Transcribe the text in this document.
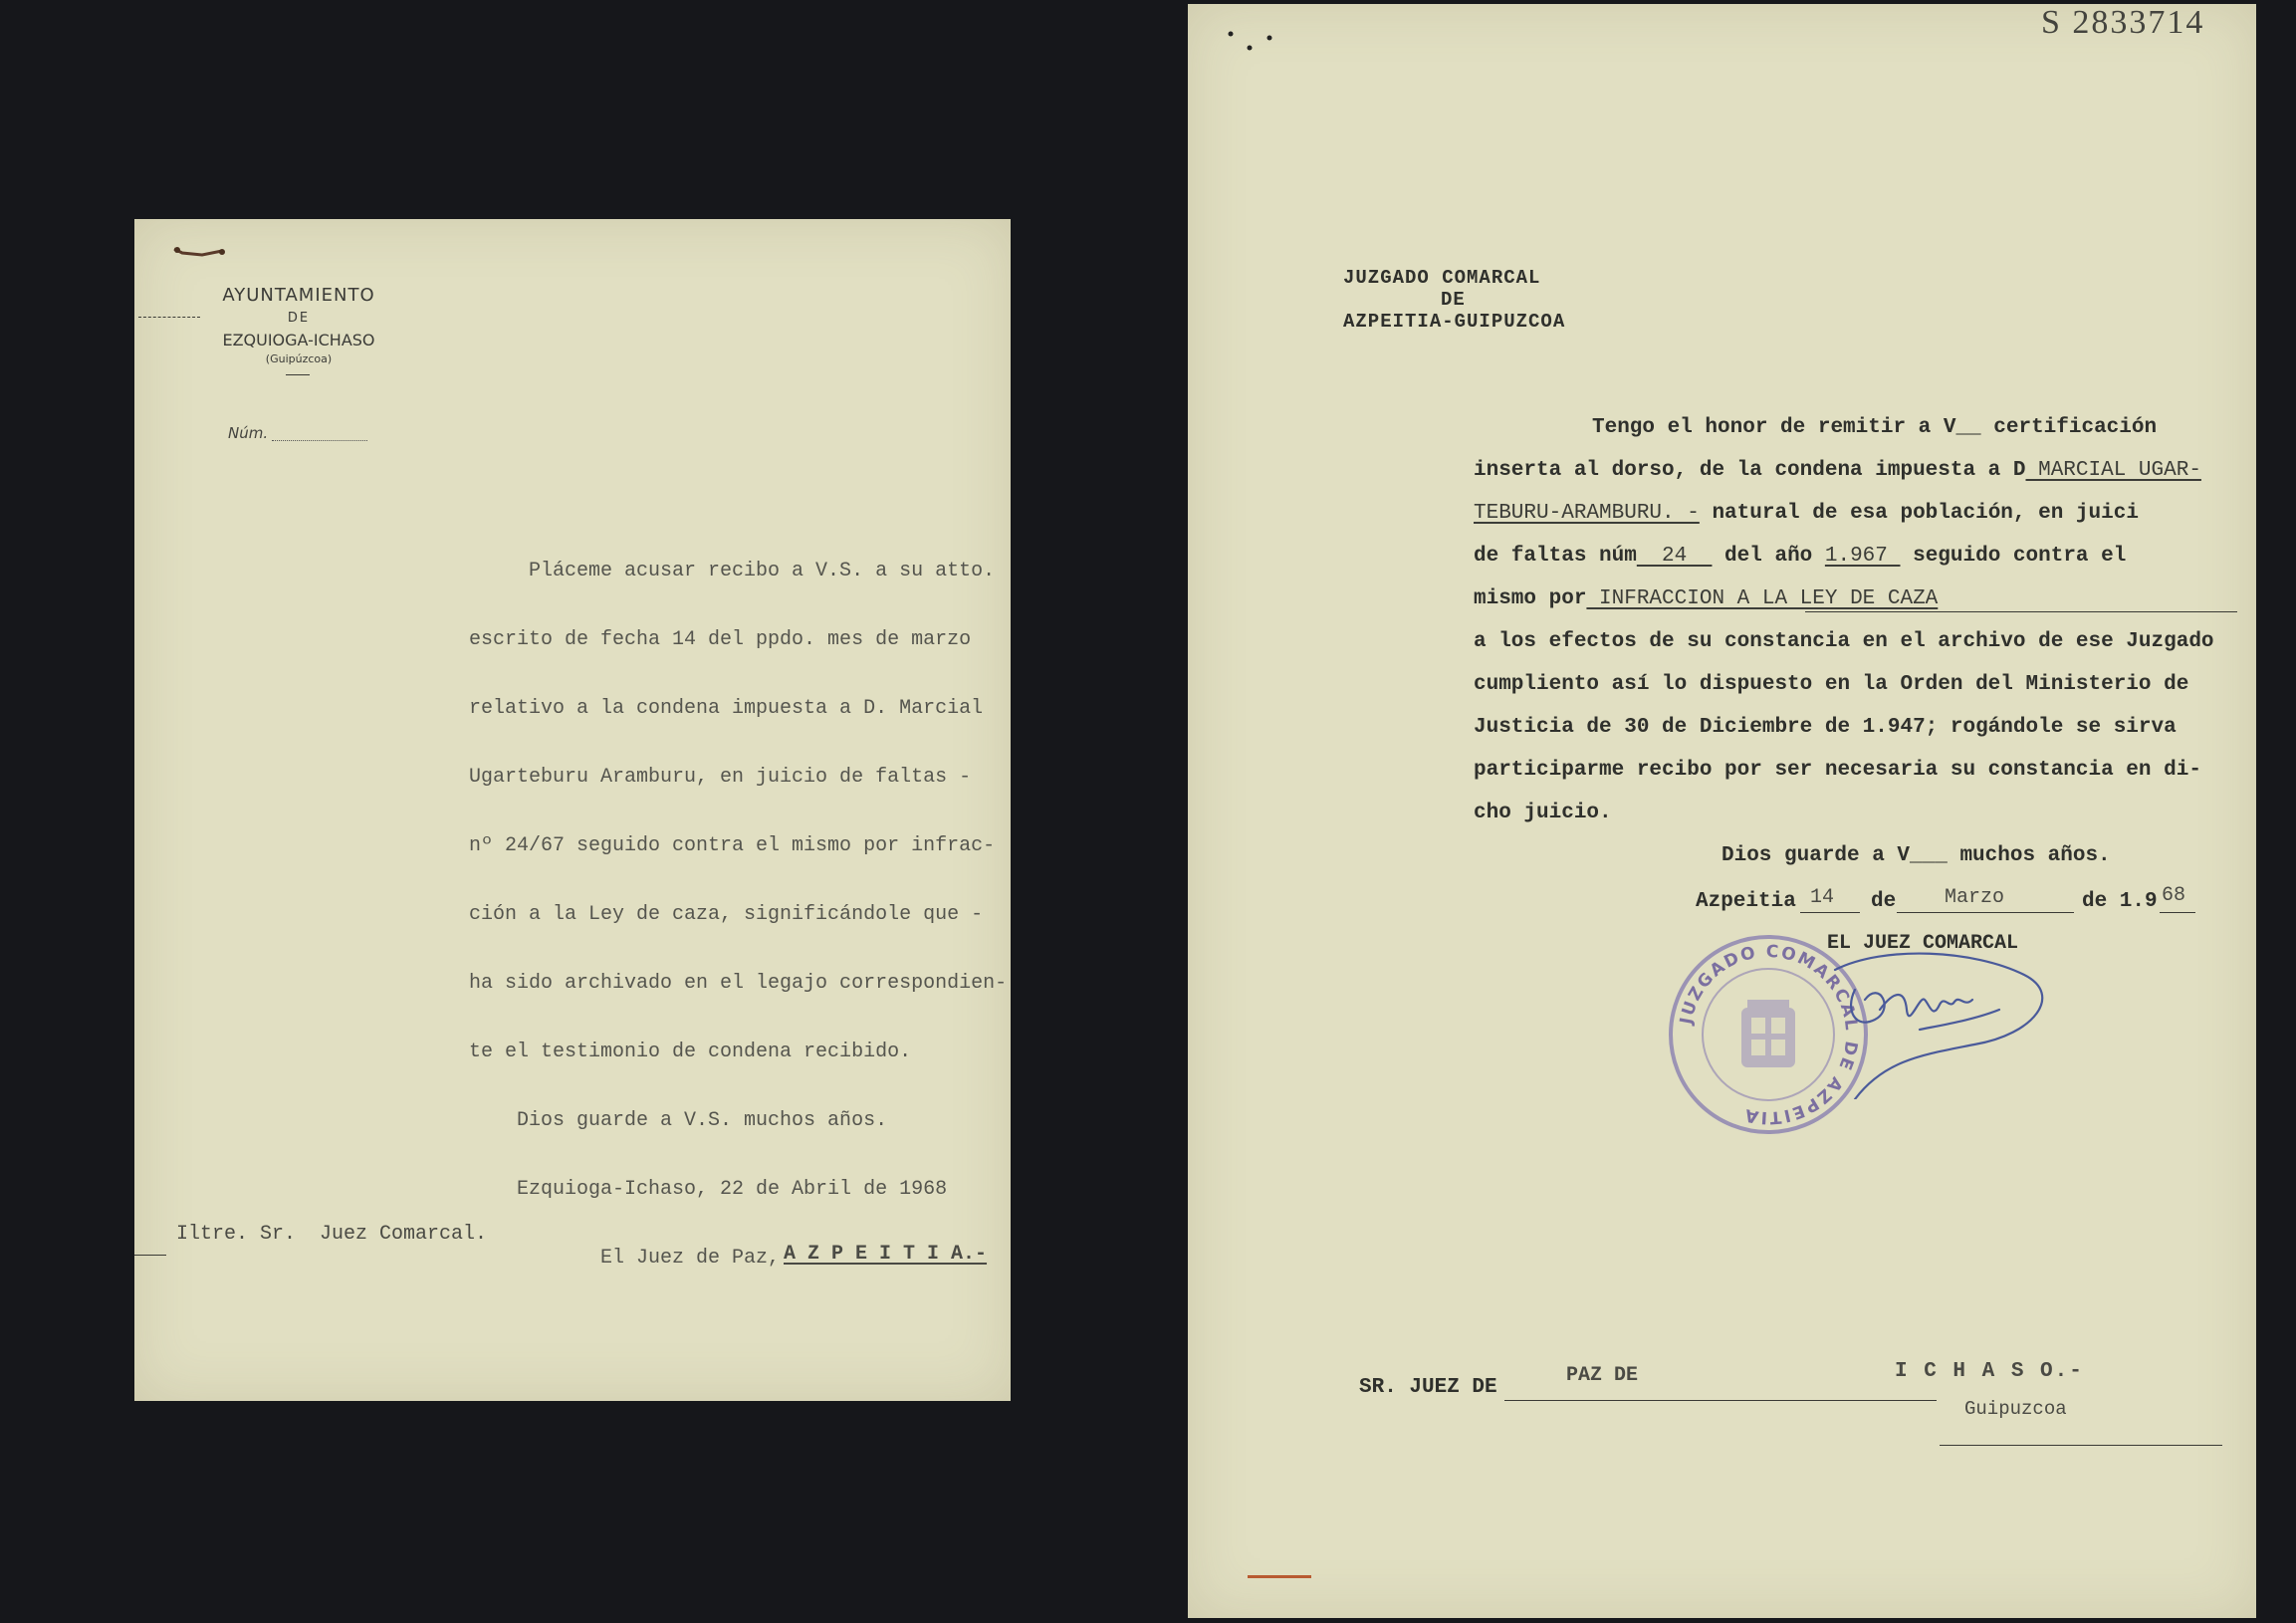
AYUNTAMIENTO
DE
EZQUIOGA-ICHASO
(Guipúzcoa)
Núm.

Pláceme acusar recibo a V.S. a su atto.

escrito de fecha 14 del ppdo. mes de marzo

relativo a la condena impuesta a D. Marcial

Ugarteburu Aramburu, en juicio de faltas -

nº 24/67 seguido contra el mismo por infrac-

ción a la Ley de caza, significándole que -

ha sido archivado en el legajo correspondien-

te el testimonio de condena recibido.

Dios guarde a V.S. muchos años.

Ezquioga-Ichaso, 22 de Abril de 1968

El Juez de Paz,

Iltre. Sr.  Juez Comarcal.
A Z P E I T I A.-
S 2833714
JUZGADO COMARCAL
DE
AZPEITIA-GUIPUZCOA
Tengo el honor de remitir a V__ certificación
inserta al dorso, de la condena impuesta a D MARCIAL UGAR-
TEBURU-ARAMBURU. - natural de esa población, en juici
de faltas núm  24   del año 1.967  seguido contra el
mismo por INFRACCION A LA LEY DE CAZA
a los efectos de su constancia en el archivo de ese Juzgado
cumpliento así lo dispuesto en la Orden del Ministerio de
Justicia de 30 de Diciembre de 1.947; rogándole se sirva
participarme recibo por ser necesaria su constancia en di-
cho juicio.
Dios guarde a V___ muchos años.
Azpeitia 14 de Marzo	de 1.9 68
EL JUEZ COMARCAL
JUZGADO COMARCAL DE AZPEITIA
SR. JUEZ DE
PAZ DE	I C H A S O.-
Guipuzcoa
